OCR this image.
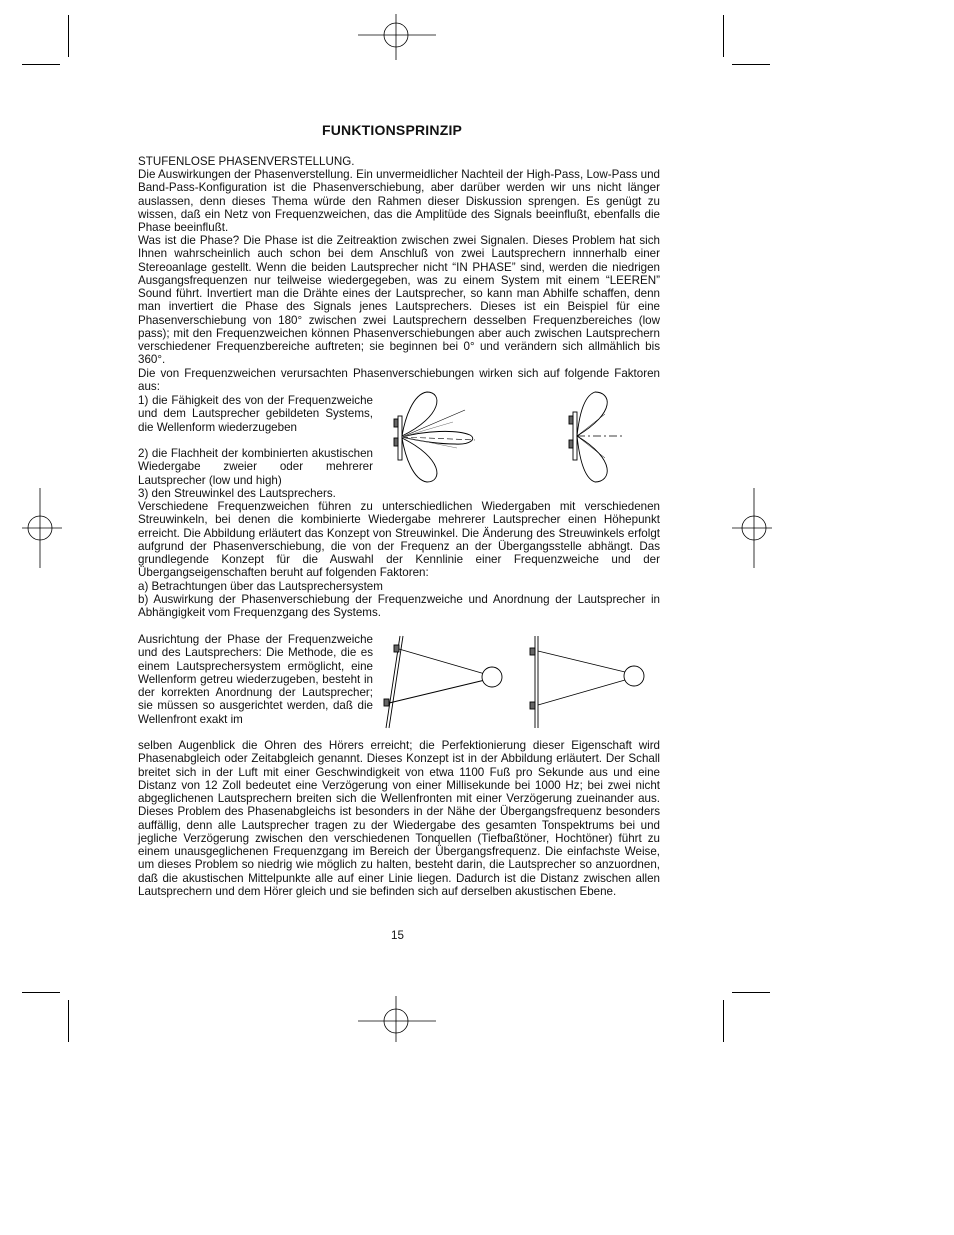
FUNKTIONSPRINZIP

STUFENLOSE PHASENVERSTELLUNG.

Die Auswirkungen der Phasenverstellung. Ein unvermeidlicher Nachteil der High-Pass, Low-Pass und Band-Pass-Konfiguration ist die Phasenverschiebung, aber darüber werden wir uns nicht länger auslassen, denn dieses Thema würde den Rahmen dieser Diskussion sprengen. Es genügt zu wissen, daß ein Netz von Frequenzweichen, das die Amplitüde des Signals beeinflußt, ebenfalls die Phase beeinflußt.

Was ist die Phase? Die Phase ist die Zeitreaktion zwischen zwei Signalen. Dieses Problem hat sich Ihnen wahrscheinlich auch schon bei dem Anschluß von zwei Lautsprechern innnerhalb einer Stereoanlage gestellt. Wenn die beiden Lautsprecher nicht “IN PHASE” sind, werden die niedrigen Ausgangsfrequenzen nur teilweise wiedergegeben, was zu einem System mit einem “LEEREN” Sound führt. Invertiert man die Drähte eines der Lautsprecher, so kann man Abhilfe schaffen, denn man invertiert die Phase des Signals jenes Lautsprechers. Dieses ist ein Beispiel für eine Phasenverschiebung von 180° zwischen zwei Lautsprechern desselben Frequenzbereiches (low pass); mit den Frequenzweichen können Phasenverschiebungen aber auch zwischen Lautsprechern verschiedener Frequenzbereiche auftreten; sie beginnen bei 0° und verändern sich allmählich bis 360°.

Die von Frequenzweichen verursachten Phasenverschiebungen wirken sich auf folgende Faktoren aus:

1) die Fähigkeit des von der Frequenzweiche und dem Lautsprecher gebildeten Systems, die Wellenform wiederzugeben

2) die Flachheit der kombinierten akustischen Wiedergabe zweier oder mehrerer Lautsprecher (low und high)

3) den Streuwinkel des Lautsprechers.

Verschiedene Frequenzweichen führen zu unterschiedlichen Wiedergaben mit verschiedenen Streuwinkeln, bei denen die kombinierte Wiedergabe mehrerer Lautsprecher einen Höhepunkt erreicht. Die Abbildung erläutert das Konzept von Streuwinkel. Die Änderung des Streuwinkels erfolgt aufgrund der Phasenverschiebung, die von der Frequenz an der Übergangsstelle abhängt. Das grundlegende Konzept für die Auswahl der Kennlinie einer Frequenzweiche und der Übergangseigenschaften beruht auf folgenden Faktoren:

a) Betrachtungen über das Lautsprechersystem

b) Auswirkung der Phasenverschiebung der Frequenzweiche und Anordnung der Lautsprecher in Abhängigkeit vom Frequenzgang des Systems.

Ausrichtung der Phase der Frequenzweiche und des Lautsprechers: Die Methode, die es einem Lautsprechersystem ermöglicht, eine Wellenform getreu wiederzugeben, besteht in der korrekten Anordnung der Lautsprecher; sie müssen so ausgerichtet werden, daß die Wellenfront exakt im

selben Augenblick die Ohren des Hörers erreicht; die Perfektionierung dieser Eigenschaft wird Phasenabgleich oder Zeitabgleich genannt. Dieses Konzept ist in der Abbildung erläutert. Der Schall breitet sich in der Luft mit einer Geschwindigkeit von etwa 1100 Fuß pro Sekunde aus und eine Distanz von 12 Zoll bedeutet eine Verzögerung von einer Millisekunde bei 1000 Hz; bei zwei nicht abgeglichenen Lautsprechern breiten sich die Wellenfronten mit einer Verzögerung zueinander aus. Dieses Problem des Phasenabgleichs ist besonders in der Nähe der Übergangsfrequenz besonders auffällig, denn alle Lautsprecher tragen zu der Wiedergabe des gesamten Tonspektrums bei und jegliche Verzögerung zwischen den verschiedenen Tonquellen (Tiefbaßtöner, Hochtöner) führt zu einem unausgeglichenen Frequenzgang im Bereich der Übergangsfrequenz. Die einfachste Weise, um dieses Problem so niedrig wie möglich zu halten, besteht darin, die Lautsprecher so anzuordnen, daß die akustischen Mittelpunkte alle auf einer Linie liegen. Dadurch ist die Distanz zwischen allen Lautsprechern und dem Hörer gleich und sie befinden sich auf derselben akustischen Ebene.

15
